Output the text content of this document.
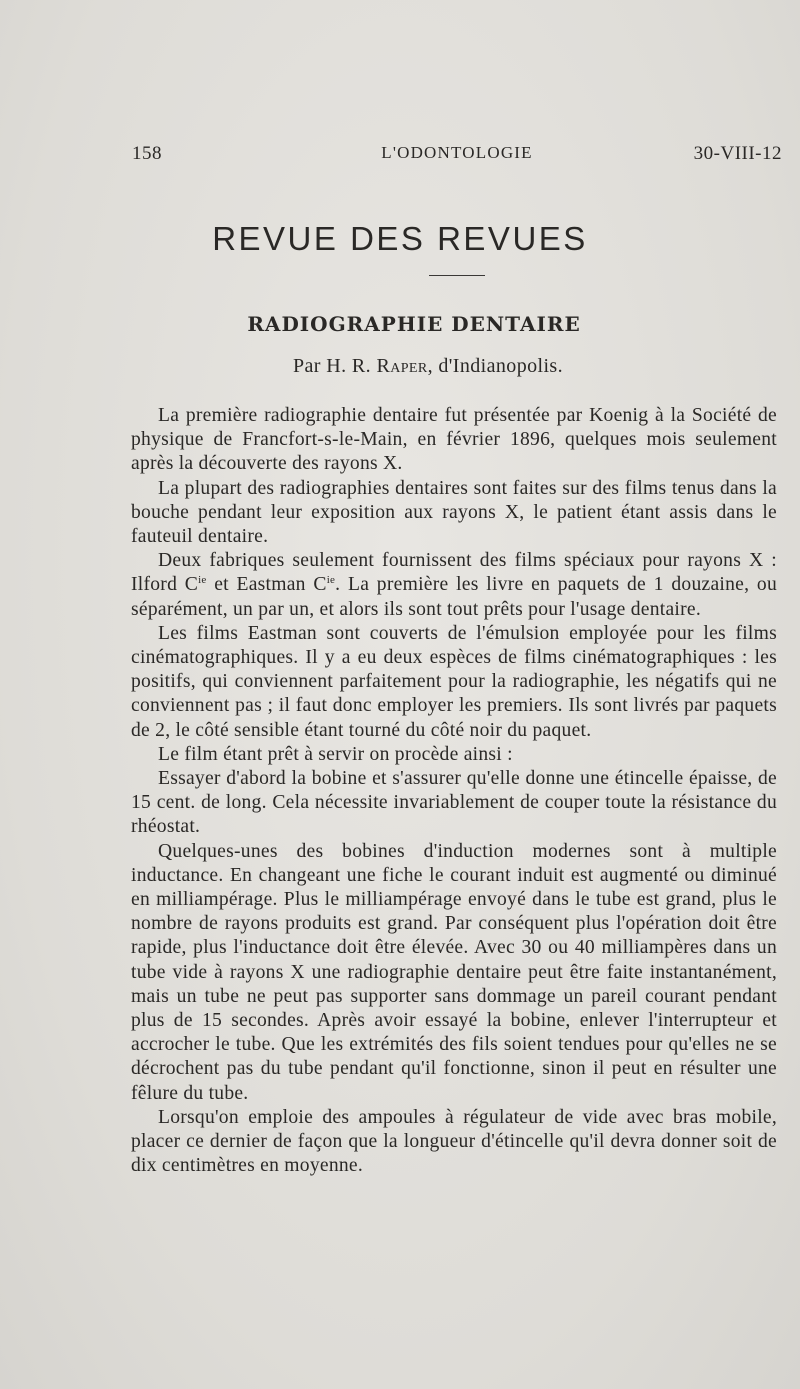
158	L'ODONTOLOGIE	30-VIII-12
REVUE DES REVUES
RADIOGRAPHIE DENTAIRE
Par H. R. Raper, d'Indianopolis.

La première radiographie dentaire fut présentée par Koenig à la Société de physique de Francfort-s-le-Main, en février 1896, quelques mois seulement après la découverte des rayons X.

La plupart des radiographies dentaires sont faites sur des films tenus dans la bouche pendant leur exposition aux rayons X, le patient étant assis dans le fauteuil dentaire.

Deux fabriques seulement fournissent des films spéciaux pour rayons X : Ilford $C^{ie}$ et Eastman $C^{ie}$. La première les livre en paquets de 1 douzaine, ou séparément, un par un, et alors ils sont tout prêts pour l'usage dentaire.

Les films Eastman sont couverts de l'émulsion employée pour les films cinématographiques. Il y a eu deux espèces de films cinématographiques : les positifs, qui conviennent parfaitement pour la radiographie, les négatifs qui ne conviennent pas ; il faut donc employer les premiers. Ils sont livrés par paquets de 2, le côté sensible étant tourné du côté noir du paquet.

Le film étant prêt à servir on procède ainsi :

Essayer d'abord la bobine et s'assurer qu'elle donne une étincelle épaisse, de 15 cent. de long. Cela nécessite invariablement de couper toute la résistance du rhéostat.

Quelques-unes des bobines d'induction modernes sont à multiple inductance. En changeant une fiche le courant induit est augmenté ou diminué en milliampérage. Plus le milliampérage envoyé dans le tube est grand, plus le nombre de rayons produits est grand. Par conséquent plus l'opération doit être rapide, plus l'inductance doit être élevée. Avec 30 ou 40 milliampères dans un tube vide à rayons X une radiographie dentaire peut être faite instantanément, mais un tube ne peut pas supporter sans dommage un pareil courant pendant plus de 15 secondes. Après avoir essayé la bobine, enlever l'interrupteur et accrocher le tube. Que les extrémités des fils soient tendues pour qu'elles ne se décrochent pas du tube pendant qu'il fonctionne, sinon il peut en résulter une fêlure du tube.

Lorsqu'on emploie des ampoules à régulateur de vide avec bras mobile, placer ce dernier de façon que la longueur d'étincelle qu'il devra donner soit de dix centimètres en moyenne.
